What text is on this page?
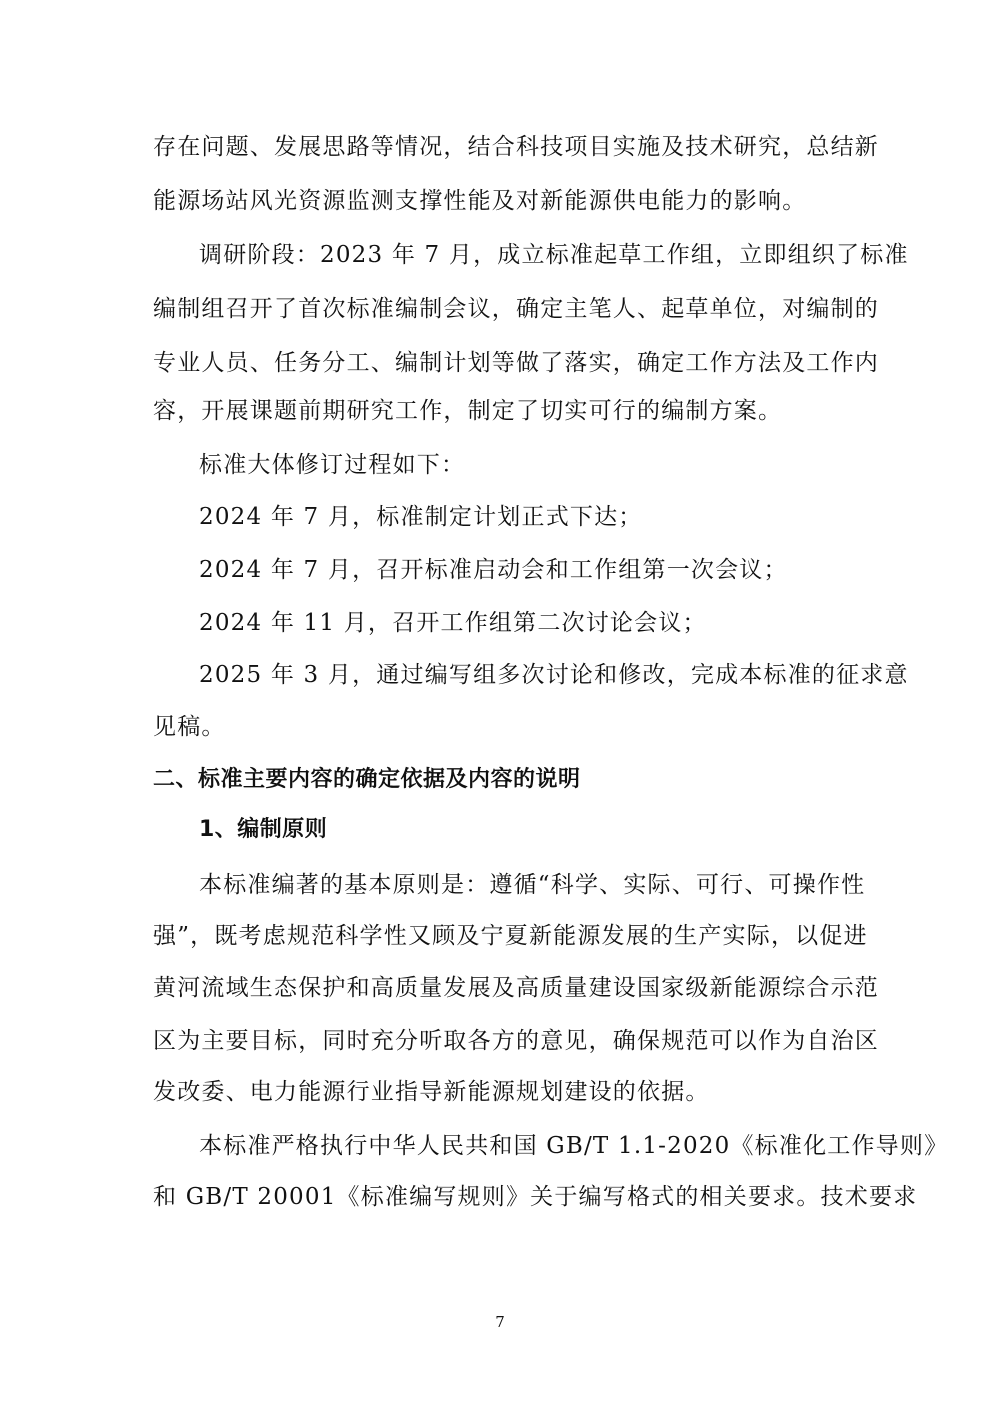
存在问题、发展思路等情况，结合科技项目实施及技术研究，总结新
能源场站风光资源监测支撑性能及对新能源供电能力的影响。
调研阶段：2023 年 7 月，成立标准起草工作组，立即组织了标准
编制组召开了首次标准编制会议，确定主笔人、起草单位，对编制的
专业人员、任务分工、编制计划等做了落实，确定工作方法及工作内
容，开展课题前期研究工作，制定了切实可行的编制方案。
标准大体修订过程如下：
2024 年 7 月，标准制定计划正式下达；
2024 年 7 月，召开标准启动会和工作组第一次会议；
2024 年 11 月，召开工作组第二次讨论会议；
2025 年 3 月，通过编写组多次讨论和修改，完成本标准的征求意
见稿。
二、标准主要内容的确定依据及内容的说明
1、编制原则
本标准编著的基本原则是：遵循“科学、实际、可行、可操作性
强”，既考虑规范科学性又顾及宁夏新能源发展的生产实际，以促进
黄河流域生态保护和高质量发展及高质量建设国家级新能源综合示范
区为主要目标，同时充分听取各方的意见，确保规范可以作为自治区
发改委、电力能源行业指导新能源规划建设的依据。
本标准严格执行中华人民共和国 GB/T 1.1-2020《标准化工作导则》
和 GB/T 20001《标准编写规则》关于编写格式的相关要求。技术要求
7
